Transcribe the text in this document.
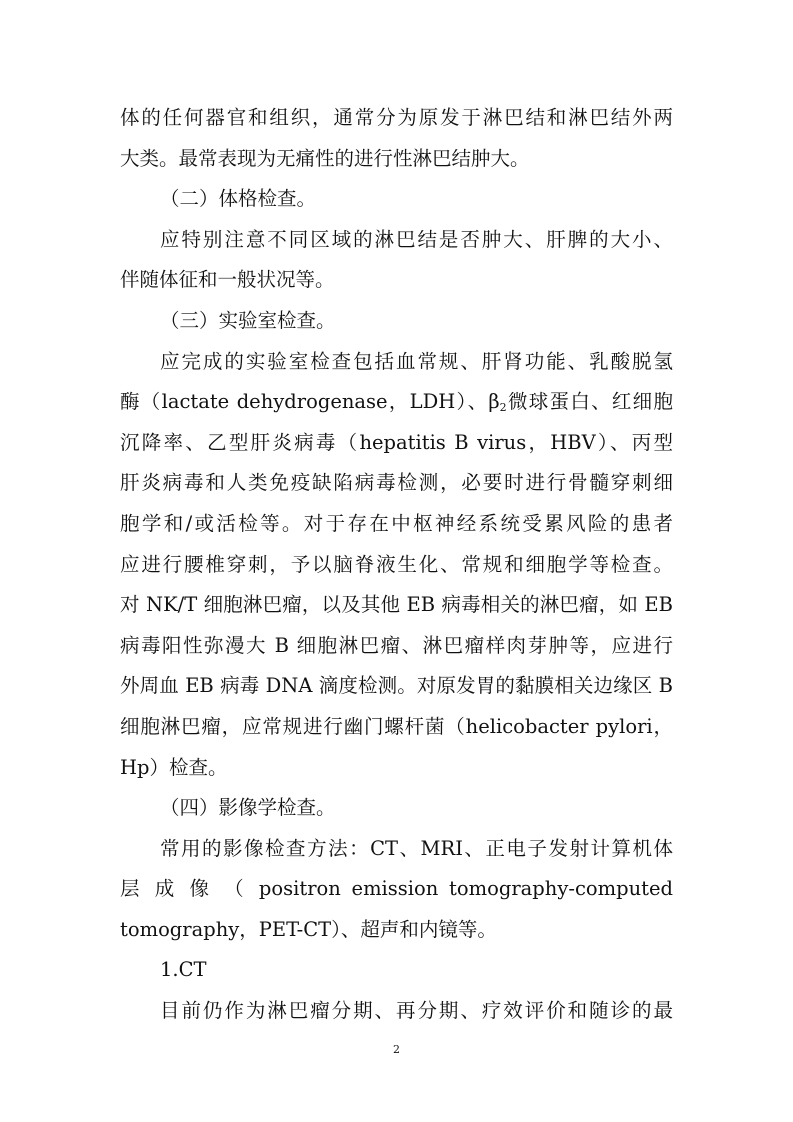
体的任何器官和组织，通常分为原发于淋巴结和淋巴结外两
大类。最常表现为无痛性的进行性淋巴结肿大。
（二）体格检查。
应特别注意不同区域的淋巴结是否肿大、肝脾的大小、
伴随体征和一般状况等。
（三）实验室检查。
应完成的实验室检查包括血常规、肝肾功能、乳酸脱氢
酶（lactate dehydrogenase，LDH）、$\beta_2$微球蛋白、红细胞
沉降率、乙型肝炎病毒（hepatitis B virus，HBV）、丙型
肝炎病毒和人类免疫缺陷病毒检测，必要时进行骨髓穿刺细
胞学和/或活检等。对于存在中枢神经系统受累风险的患者
应进行腰椎穿刺，予以脑脊液生化、常规和细胞学等检查。
对 NK/T 细胞淋巴瘤，以及其他 EB 病毒相关的淋巴瘤，如 EB
病毒阳性弥漫大 B 细胞淋巴瘤、淋巴瘤样肉芽肿等，应进行
外周血 EB 病毒 DNA 滴度检测。对原发胃的黏膜相关边缘区 B
细胞淋巴瘤，应常规进行幽门螺杆菌（helicobacter pylori，
Hp）检查。
（四）影像学检查。
常用的影像检查方法：CT、MRI、正电子发射计算机体
层 成 像 （ positron emission tomography-computed
tomography，PET-CT）、超声和内镜等。
1.CT
目前仍作为淋巴瘤分期、再分期、疗效评价和随诊的最
2
